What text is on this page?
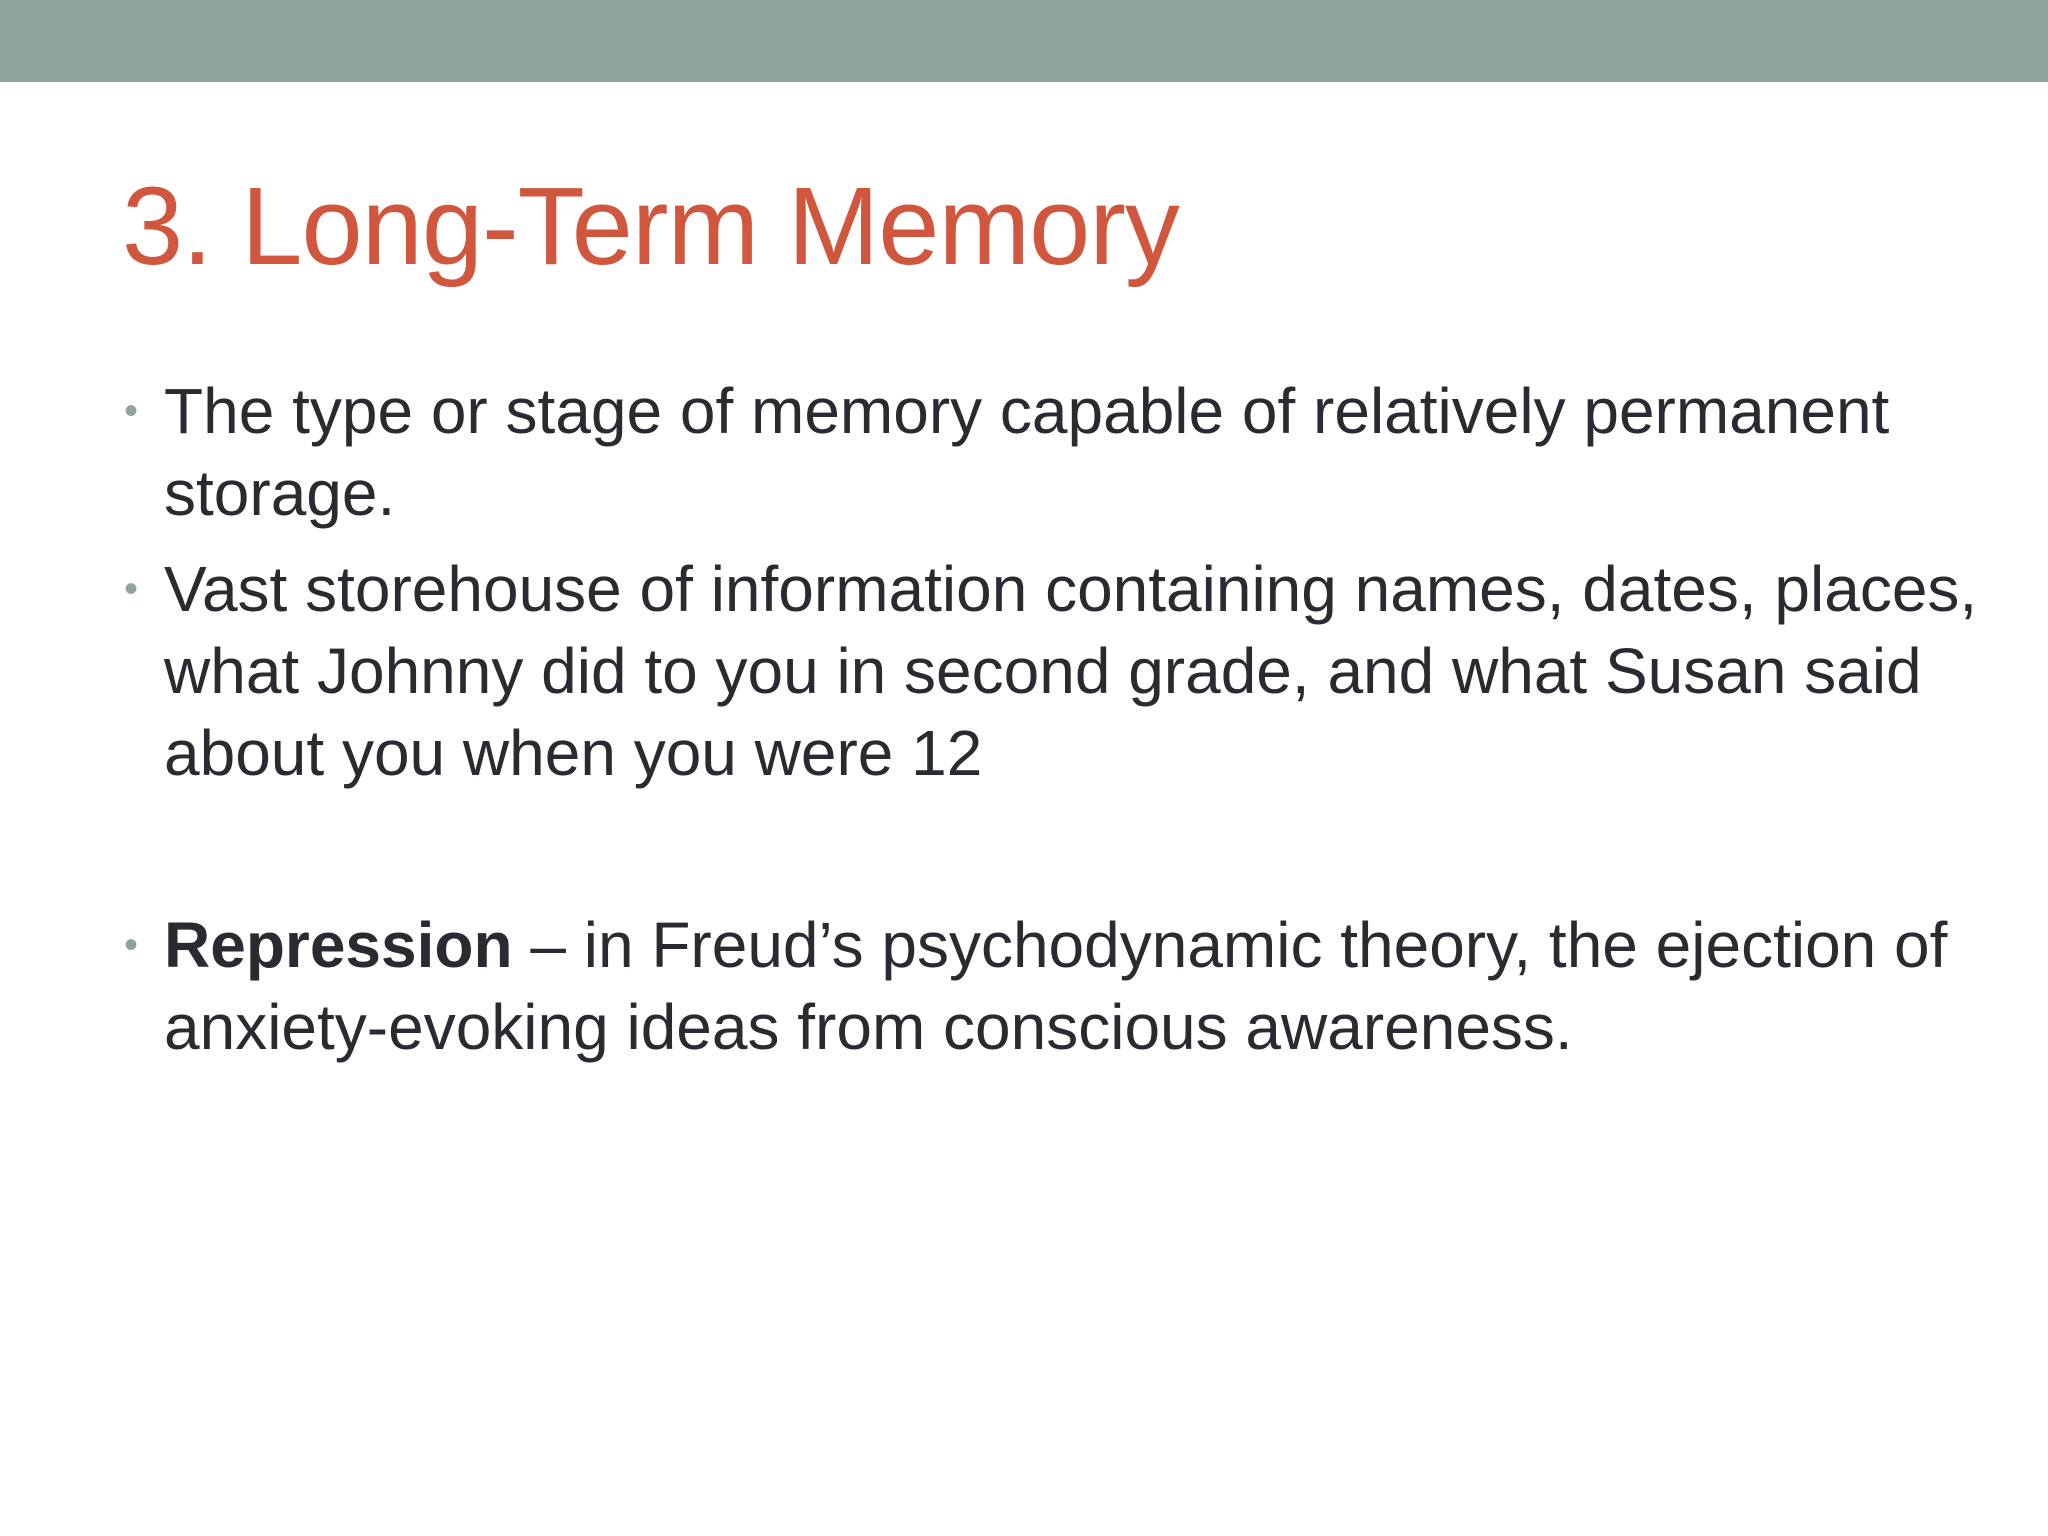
3. Long-Term Memory
• The type or stage of memory capable of relatively permanent storage.
• Vast storehouse of information containing names, dates, places, what Johnny did to you in second grade, and what Susan said about you when you were 12
• Repression – in Freud’s psychodynamic theory, the ejection of anxiety-evoking ideas from conscious awareness.
